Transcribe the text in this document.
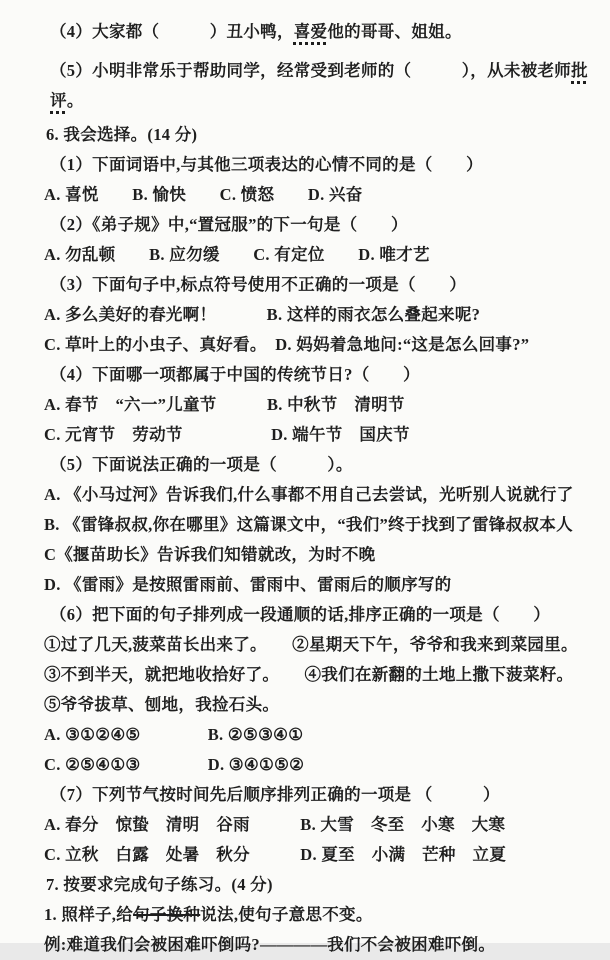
（4）大家都（　　　）丑小鸭，喜爱他的哥哥、姐姐。
（5）小明非常乐于帮助同学，经常受到老师的（　　　），从未被老师批评。
6. 我会选择。(14 分)
（1）下面词语中,与其他三项表达的心情不同的是（　　）
A. 喜悦　　B. 愉快　　C. 愤怒　　D. 兴奋
（2）《弟子规》中,“置冠服”的下一句是（　　）
A. 勿乱顿　　B. 应勿缓　　C. 有定位　　D. 唯才艺
（3）下面句子中,标点符号使用不正确的一项是（　　）
A. 多么美好的春光啊！　　　B. 这样的雨衣怎么叠起来呢?
C. 草叶上的小虫子、真好看。　D. 妈妈着急地问:“这是怎么回事?”
（4）下面哪一项都属于中国的传统节日?（　　）
A. 春节　“六一”儿童节　　　B. 中秋节　清明节
C. 元宵节　劳动节　　　　　 D. 端午节　国庆节
（5）下面说法正确的一项是（　　　）。
A. 《小马过河》告诉我们,什么事都不用自己去尝试，光听别人说就行了
B. 《雷锋叔叔,你在哪里》这篇课文中，“我们”终于找到了雷锋叔叔本人
C《揠苗助长》告诉我们知错就改，为时不晚
D. 《雷雨》是按照雷雨前、雷雨中、雷雨后的顺序写的
（6）把下面的句子排列成一段通顺的话,排序正确的一项是（　　）
①过了几天,菠菜苗长出来了。　　②星期天下午，爷爷和我来到菜园里。
③不到半天，就把地收拾好了。　　④我们在新翻的土地上撒下菠菜籽。
⑤爷爷拔草、刨地，我捡石头。
A. ③①②④⑤　　　　B. ②⑤③④①
C. ②⑤④①③　　　　D. ③④①⑤②
（7）下列节气按时间先后顺序排列正确的一项是 （　　　）
A. 春分　惊蛰　清明　谷雨　　　B. 大雪　冬至　小寒　大寒
C. 立秋　白露　处暑　秋分　　　D. 夏至　小满　芒种　立夏
7. 按要求完成句子练习。(4 分)
1. 照样子,给句子换种说法,使句子意思不变。
例:难道我们会被困难吓倒吗?————我们不会被困难吓倒。
